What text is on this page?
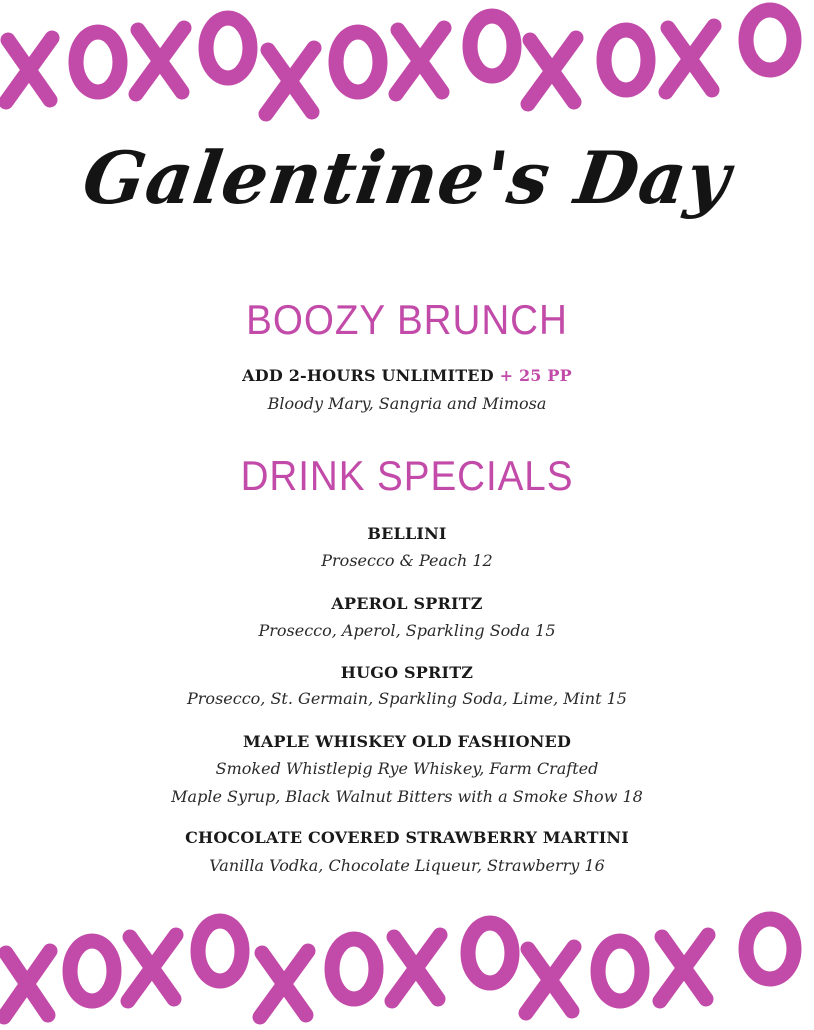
Galentine's Day
BOOZY BRUNCH
ADD 2-HOURS UNLIMITED + 25 PP
Bloody Mary, Sangria and Mimosa
DRINK SPECIALS
BELLINI
Prosecco & Peach 12
APEROL SPRITZ
Prosecco, Aperol, Sparkling Soda 15
HUGO SPRITZ
Prosecco, St. Germain, Sparkling Soda, Lime, Mint 15
MAPLE WHISKEY OLD FASHIONED
Smoked Whistlepig Rye Whiskey, Farm Crafted
Maple Syrup, Black Walnut Bitters with a Smoke Show 18
CHOCOLATE COVERED STRAWBERRY MARTINI
Vanilla Vodka, Chocolate Liqueur, Strawberry 16
